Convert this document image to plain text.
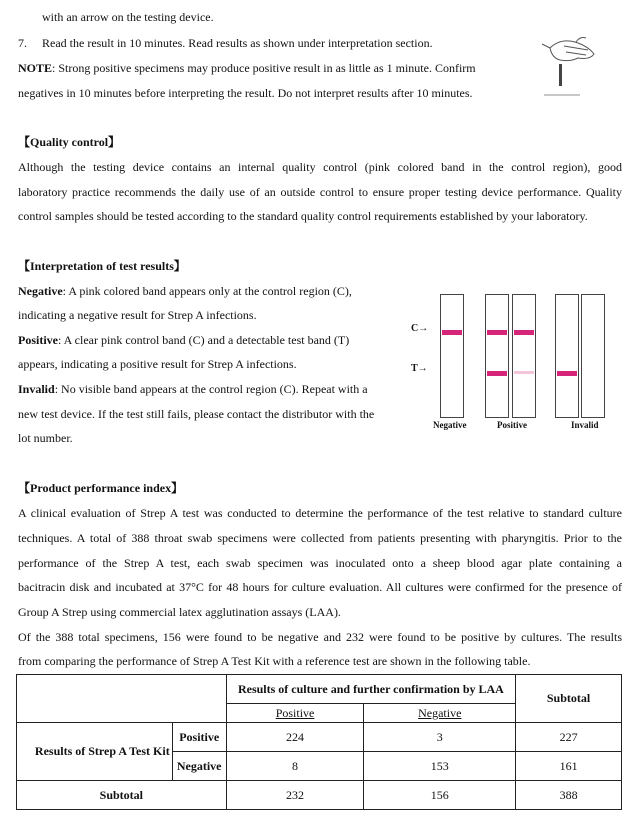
with an arrow on the testing device.
7. Read the result in 10 minutes. Read results as shown under interpretation section.
NOTE: Strong positive specimens may produce positive result in as little as 1 minute. Confirm
negatives in 10 minutes before interpreting the result. Do not interpret results after 10 minutes.
【Quality control】
Although the testing device contains an internal quality control (pink colored band in the control region), good
laboratory practice recommends the daily use of an outside control to ensure proper testing device performance. Quality
control samples should be tested according to the standard quality control requirements established by your laboratory.
【Interpretation of test results】
Negative: A pink colored band appears only at the control region (C),
indicating a negative result for Strep A infections.
Positive: A clear pink control band (C) and a detectable test band (T)
appears, indicating a positive result for Strep A infections.
Invalid: No visible band appears at the control region (C). Repeat with a
new test device. If the test still fails, please contact the distributor with the
lot number.
C→
T→
Negative	Positive	Invalid
【Product performance index】
A clinical evaluation of Strep A test was conducted to determine the performance of the test relative to standard culture
techniques. A total of 388 throat swab specimens were collected from patients presenting with pharyngitis. Prior to the
performance of the Strep A test, each swab specimen was inoculated onto a sheep blood agar plate containing a
bacitracin disk and incubated at 37°C for 48 hours for culture evaluation. All cultures were confirmed for the presence of
Group A Strep using commercial latex agglutination assays (LAA).
Of the 388 total specimens, 156 were found to be negative and 232 were found to be positive by cultures. The results
from comparing the performance of Strep A Test Kit with a reference test are shown in the following table.
		Results of culture and further confirmation by LAA		Subtotal
		Positive	Negative	
Results of Strep A Test Kit	Positive	224	3	227
	Negative	8	153	161
Subtotal		232	156	388
